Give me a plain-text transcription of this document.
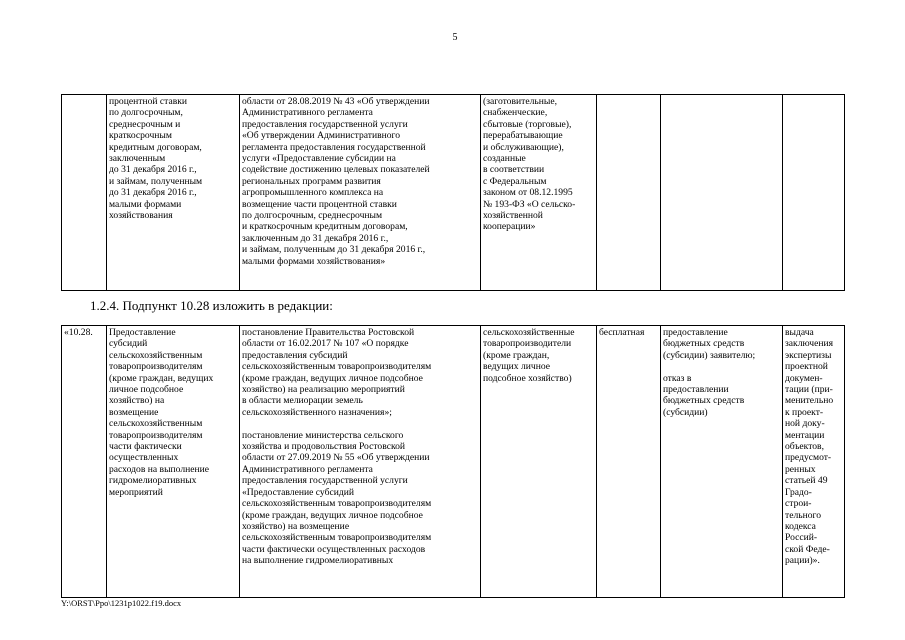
5
	процентной ставки
по долгосрочным,
среднесрочным и
краткосрочным
кредитным договорам,
заключенным
до 31 декабря 2016 г.,
и займам, полученным
до 31 декабря 2016 г.,
малыми формами
хозяйствования	области от 28.08.2019 № 43 «Об утверждении
Административного регламента
предоставления государственной услуги
«Об утверждении Административного
регламента предоставления государственной
услуги «Предоставление субсидии на
содействие достижению целевых показателей
региональных программ развития
агропромышленного комплекса на
возмещение части процентной ставки
по долгосрочным, среднесрочным
и краткосрочным кредитным договорам,
заключенным до 31 декабря 2016 г.,
и займам, полученным до 31 декабря 2016 г.,
малыми формами хозяйствования»	(заготовительные,
снабженческие,
сбытовые (торговые),
перерабатывающие
и обслуживающие),
созданные
в соответствии
с Федеральным
законом от 08.12.1995
№ 193-ФЗ «О сельско-
хозяйственной
кооперации»			
1.2.4. Подпункт 10.28 изложить в редакции:
«10.28.	Предоставление
субсидий
сельскохозяйственным
товаропроизводителям
(кроме граждан, ведущих
личное подсобное
хозяйство) на
возмещение
сельскохозяйственным
товаропроизводителям
части фактически
осуществленных
расходов на выполнение
гидромелиоративных
мероприятий	постановление Правительства Ростовской
области от 16.02.2017 № 107 «О порядке
предоставления субсидий
сельскохозяйственным товаропроизводителям
(кроме граждан, ведущих личное подсобное
хозяйство) на реализацию мероприятий
в области мелиорации земель
сельскохозяйственного назначения»;

постановление министерства сельского
хозяйства и продовольствия Ростовской
области от 27.09.2019 № 55 «Об утверждении
Административного регламента
предоставления государственной услуги
«Предоставление субсидий
сельскохозяйственным товаропроизводителям
(кроме граждан, ведущих личное подсобное
хозяйство) на возмещение
сельскохозяйственным товаропроизводителям
части фактически осуществленных расходов
на выполнение гидромелиоративных	сельскохозяйственные
товаропроизводители
(кроме граждан,
ведущих личное
подсобное хозяйство)	бесплатная	предоставление
бюджетных средств
(субсидии) заявителю;

отказ в
предоставлении
бюджетных средств
(субсидии)	выдача
заключения
экспертизы
проектной
докумен-
тации (при-
менительно
к проект-
ной доку-
ментации
объектов,
предусмот-
ренных
статьей 49
Градо-
строи-
тельного
кодекса
Россий-
ской Феде-
рации)».
Y:\ORST\Ppo\1231p1022.f19.docx
